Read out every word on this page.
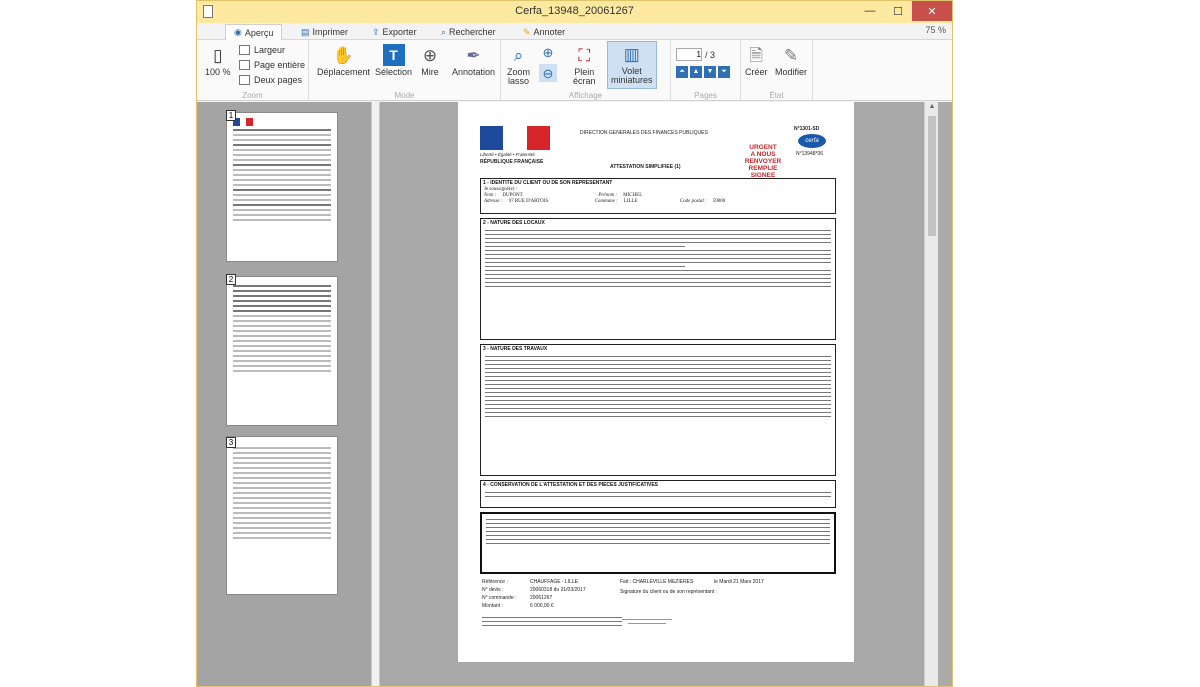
Cerfa_13948_20061267	—	☐	✕
◉ Aperçu	▤ Imprimer	⇪ Exporter	⌕ Rechercher	✎ Annoter	75 %
▯
100 %
Largeur
Page entière
Deux pages
Zoom
✋
Déplacement
T
Sélection
⊕
Mire
✒
Annotation
Mode
⌕
Zoom
lasso
⊕
⊖
⛶
Plein
écran
▥
Volet
miniatures
Affichage
1
/ 3
⏶	▲	▼	⏷
Pages
🗎
Créer
✎
Modifier
État
1
2
3
Liberté • Égalité • Fraternité
RÉPUBLIQUE FRANÇAISE
DIRECTION GENERALES DES FINANCES PUBLIQUES
N°1301-SD
cerfa
N°13948*06
URGENT
A NOUS
RENVOYER
REMPLIE SIGNEE
ATTESTATION SIMPLIFIEE (1)
1 - IDENTITE DU CLIENT OU DE SON REPRESENTANT
Je soussigné(e) :
Nom : DUPONT	Prénom : MICHEL
Adresse : 97 RUE D'ARTOIS	Commune : LILLE	Code postal : 59000
2 - NATURE DES LOCAUX
3 - NATURE DES TRAVAUX
4 - CONSERVATION DE L'ATTESTATION ET DES PIECES JUSTIFICATIVES
Référence :	CHAUFFAGE - LILLE
N° devis :	20060318 du 21/03/2017
N° commande :	20061267
Montant :	6 000,00 €
Fait : CHARLEVILLE MEZIERES	le Mardi 21 Mars 2017
Signature du client ou de son représentant :
▲
